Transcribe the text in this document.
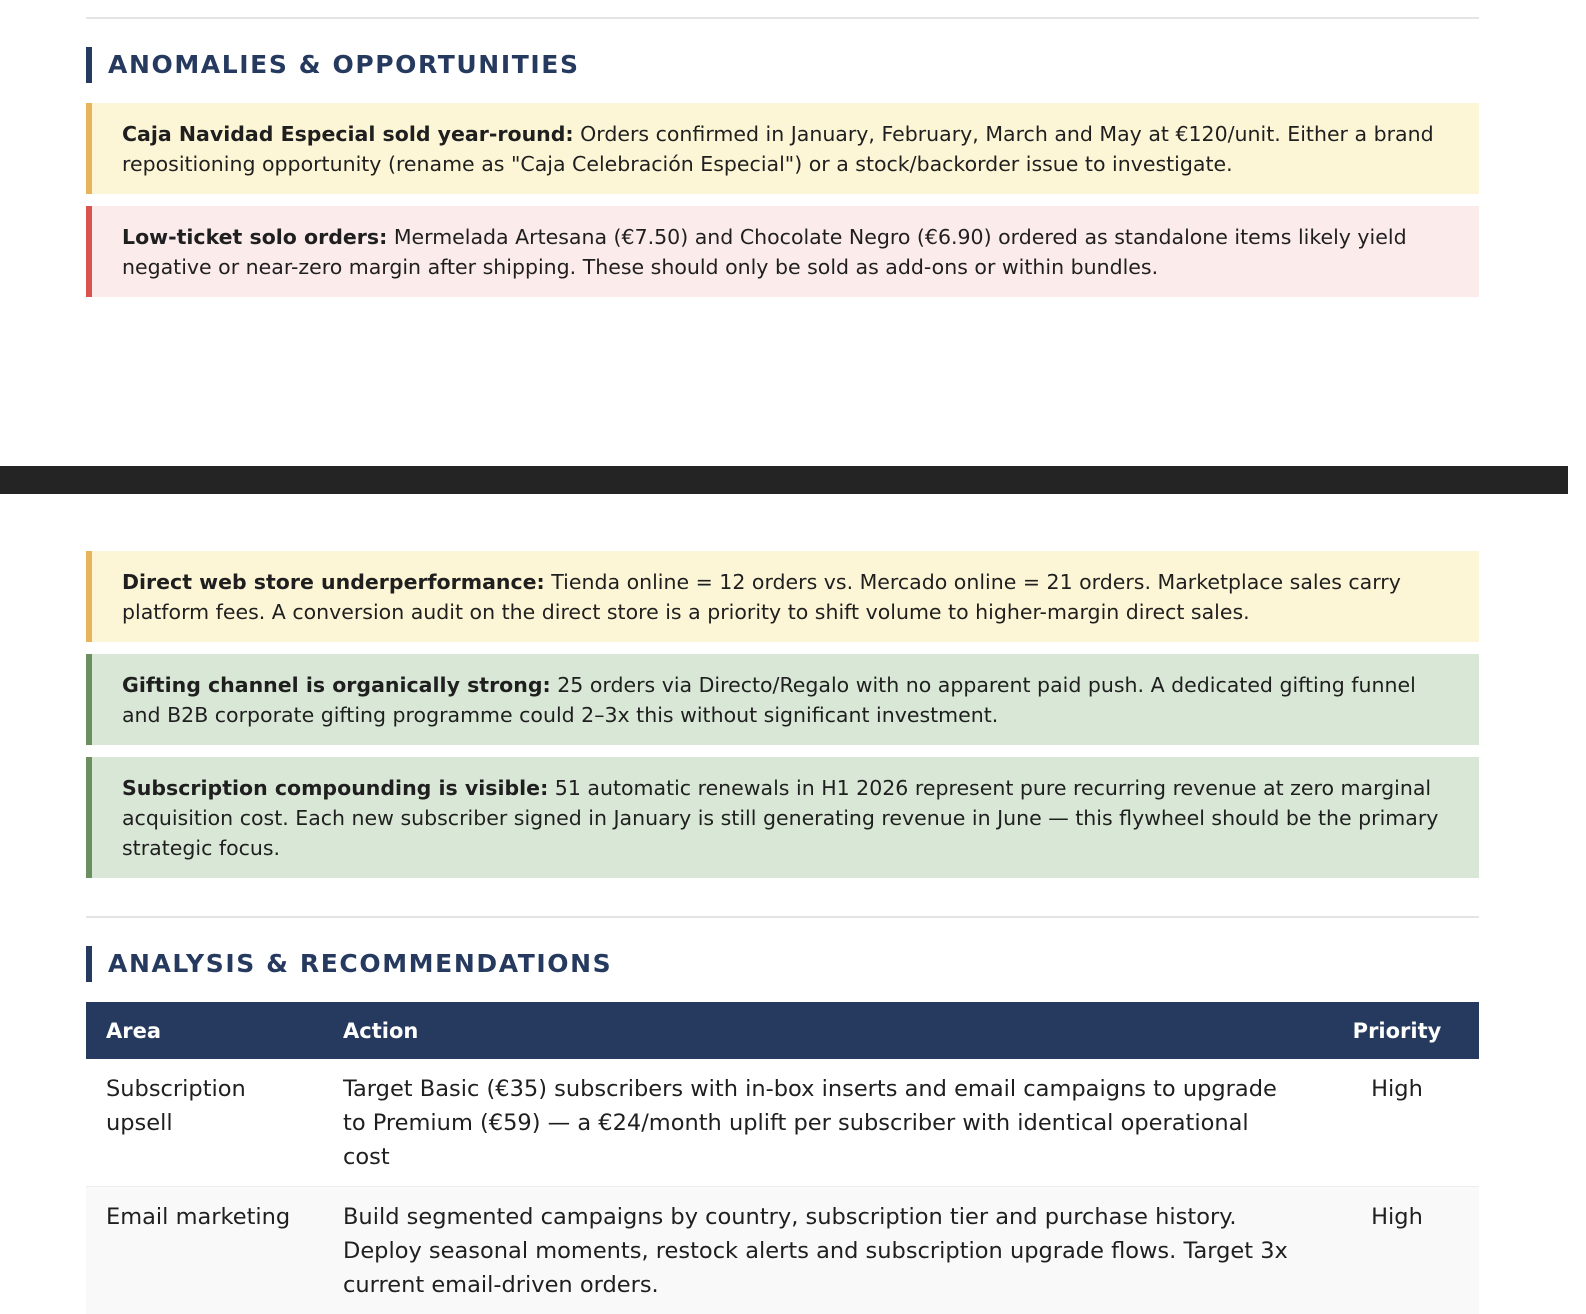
ANOMALIES & OPPORTUNITIES
Caja Navidad Especial sold year-round: Orders confirmed in January, February, March and May at €120/unit. Either a brand repositioning opportunity (rename as "Caja Celebración Especial") or a stock/backorder issue to investigate.
Low-ticket solo orders: Mermelada Artesana (€7.50) and Chocolate Negro (€6.90) ordered as standalone items likely yield negative or near-zero margin after shipping. These should only be sold as add-ons or within bundles.
Direct web store underperformance: Tienda online = 12 orders vs. Mercado online = 21 orders. Marketplace sales carry platform fees. A conversion audit on the direct store is a priority to shift volume to higher-margin direct sales.
Gifting channel is organically strong: 25 orders via Directo/Regalo with no apparent paid push. A dedicated gifting funnel and B2B corporate gifting programme could 2–3x this without significant investment.
Subscription compounding is visible: 51 automatic renewals in H1 2026 represent pure recurring revenue at zero marginal acquisition cost. Each new subscriber signed in January is still generating revenue in June — this flywheel should be the primary strategic focus.
ANALYSIS & RECOMMENDATIONS
Area	Action	Priority
Subscription upsell	Target Basic (€35) subscribers with in-box inserts and email campaigns to upgrade to Premium (€59) — a €24/month uplift per subscriber with identical operational cost	High
Email marketing	Build segmented campaigns by country, subscription tier and purchase history. Deploy seasonal moments, restock alerts and subscription upgrade flows. Target 3x current email-driven orders.	High
